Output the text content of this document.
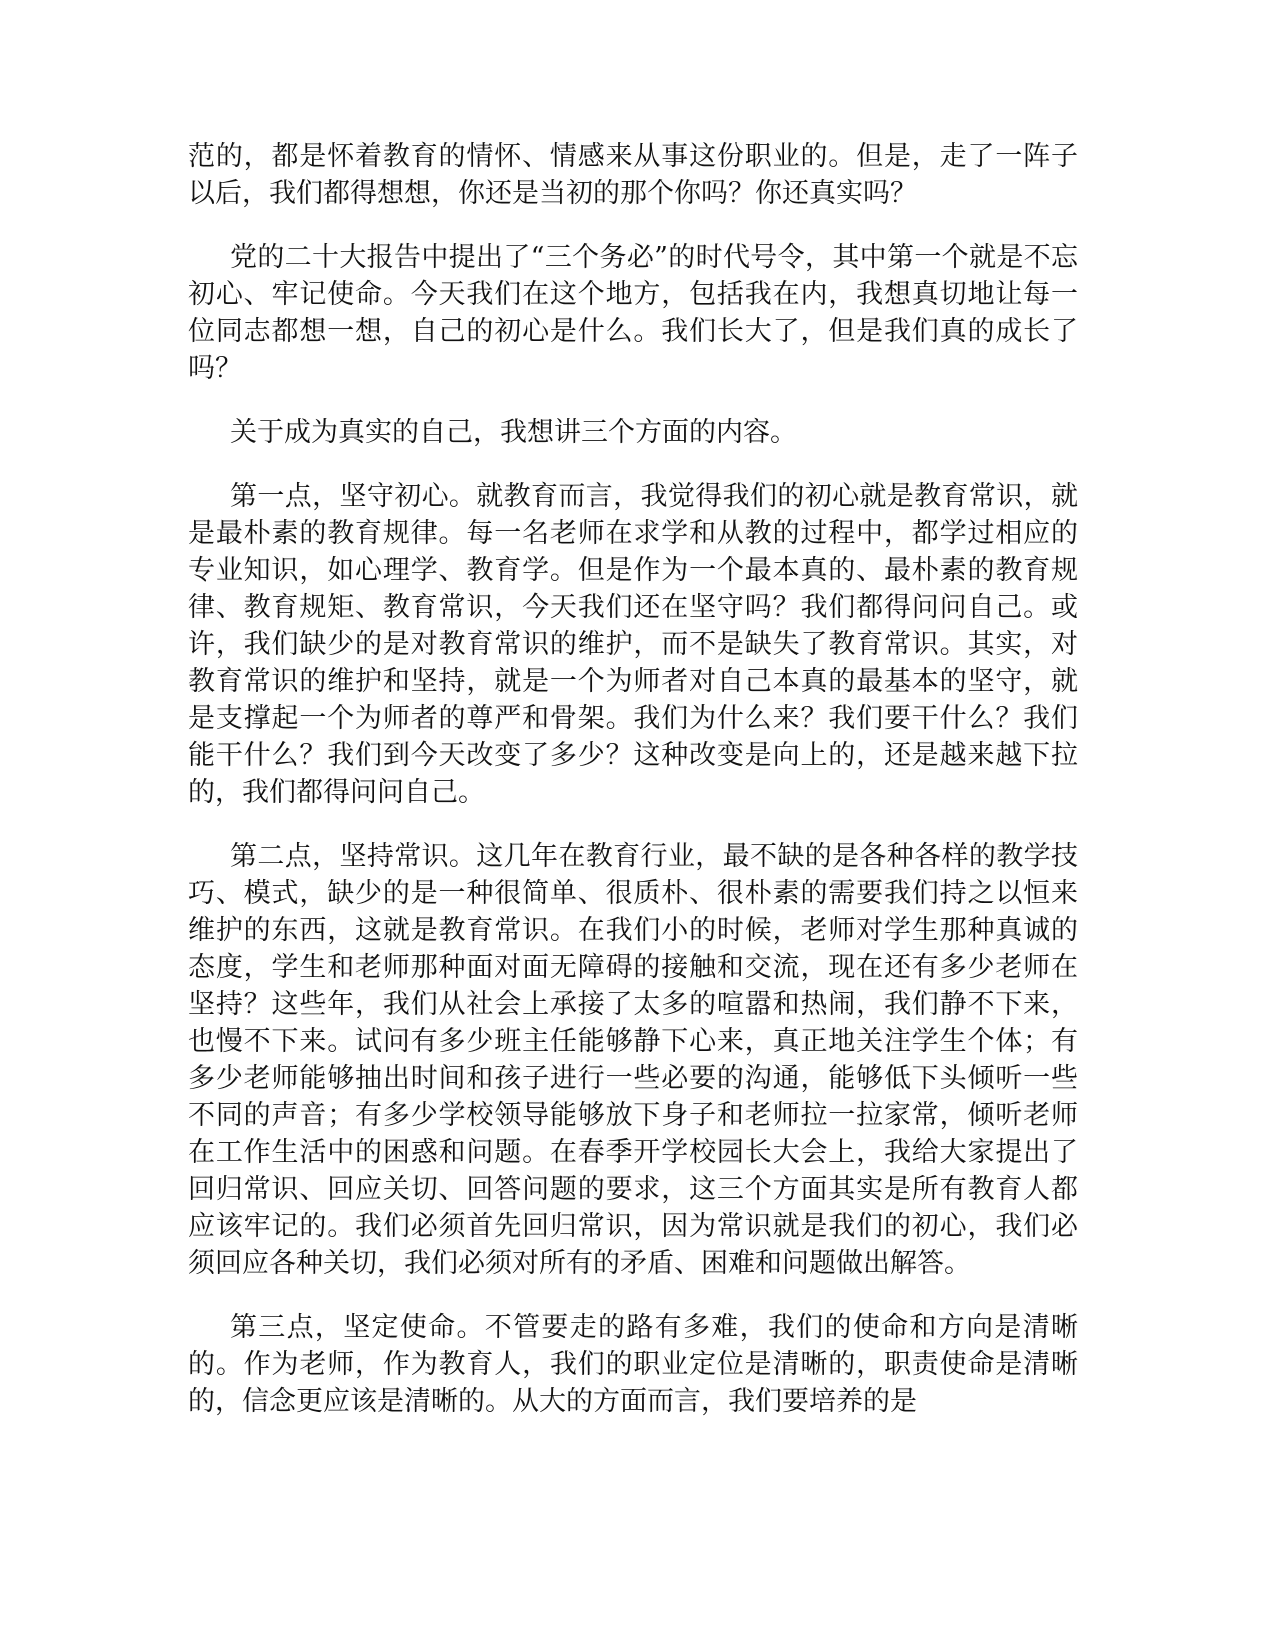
范的，都是怀着教育的情怀、情感来从事这份职业的。但是，走了一阵子以后，我们都得想想，你还是当初的那个你吗？你还真实吗？

党的二十大报告中提出了“三个务必”的时代号令，其中第一个就是不忘初心、牢记使命。今天我们在这个地方，包括我在内，我想真切地让每一位同志都想一想，自己的初心是什么。我们长大了，但是我们真的成长了吗？

关于成为真实的自己，我想讲三个方面的内容。

第一点，坚守初心。就教育而言，我觉得我们的初心就是教育常识，就是最朴素的教育规律。每一名老师在求学和从教的过程中，都学过相应的专业知识，如心理学、教育学。但是作为一个最本真的、最朴素的教育规律、教育规矩、教育常识，今天我们还在坚守吗？我们都得问问自己。或许，我们缺少的是对教育常识的维护，而不是缺失了教育常识。其实，对教育常识的维护和坚持，就是一个为师者对自己本真的最基本的坚守，就是支撑起一个为师者的尊严和骨架。我们为什么来？我们要干什么？我们能干什么？我们到今天改变了多少？这种改变是向上的，还是越来越下拉的，我们都得问问自己。

第二点，坚持常识。这几年在教育行业，最不缺的是各种各样的教学技巧、模式，缺少的是一种很简单、很质朴、很朴素的需要我们持之以恒来维护的东西，这就是教育常识。在我们小的时候，老师对学生那种真诚的态度，学生和老师那种面对面无障碍的接触和交流，现在还有多少老师在坚持？这些年，我们从社会上承接了太多的喧嚣和热闹，我们静不下来，也慢不下来。试问有多少班主任能够静下心来，真正地关注学生个体；有多少老师能够抽出时间和孩子进行一些必要的沟通，能够低下头倾听一些不同的声音；有多少学校领导能够放下身子和老师拉一拉家常，倾听老师在工作生活中的困惑和问题。在春季开学校园长大会上，我给大家提出了回归常识、回应关切、回答问题的要求，这三个方面其实是所有教育人都应该牢记的。我们必须首先回归常识，因为常识就是我们的初心，我们必须回应各种关切，我们必须对所有的矛盾、困难和问题做出解答。

第三点，坚定使命。不管要走的路有多难，我们的使命和方向是清晰的。作为老师，作为教育人，我们的职业定位是清晰的，职责使命是清晰的，信念更应该是清晰的。从大的方面而言，我们要培养的是
